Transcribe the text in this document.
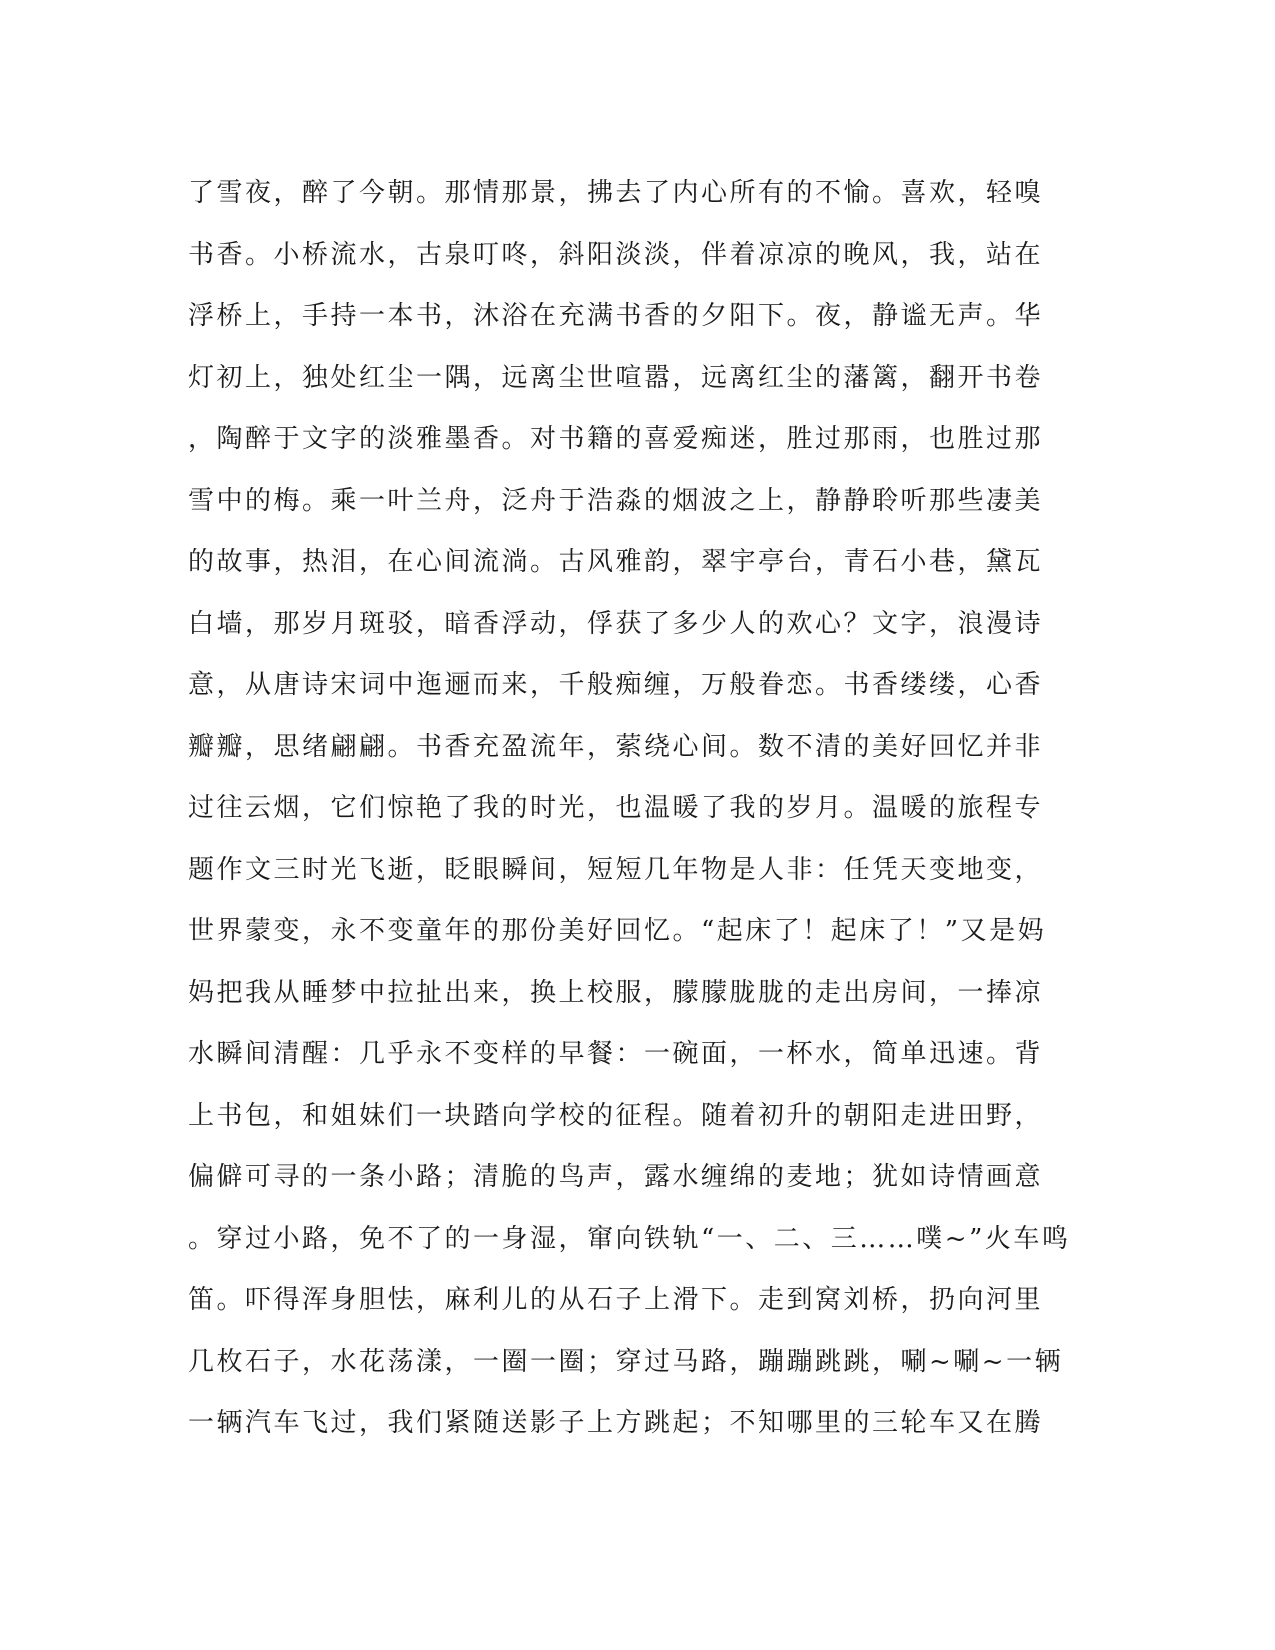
了雪夜，醉了今朝。那情那景，拂去了内心所有的不愉。喜欢，轻嗅
书香。小桥流水，古泉叮咚，斜阳淡淡，伴着凉凉的晚风，我，站在
浮桥上，手持一本书，沐浴在充满书香的夕阳下。夜，静谧无声。华
灯初上，独处红尘一隅，远离尘世喧嚣，远离红尘的藩篱，翻开书卷
，陶醉于文字的淡雅墨香。对书籍的喜爱痴迷，胜过那雨，也胜过那
雪中的梅。乘一叶兰舟，泛舟于浩淼的烟波之上，静静聆听那些凄美
的故事，热泪，在心间流淌。古风雅韵，翠宇亭台，青石小巷，黛瓦
白墙，那岁月斑驳，暗香浮动，俘获了多少人的欢心？文字，浪漫诗
意，从唐诗宋词中迤逦而来，千般痴缠，万般眷恋。书香缕缕，心香
瓣瓣，思绪翩翩。书香充盈流年，萦绕心间。数不清的美好回忆并非
过往云烟，它们惊艳了我的时光，也温暖了我的岁月。温暖的旅程专
题作文三时光飞逝，眨眼瞬间，短短几年物是人非：任凭天变地变，
世界蒙变，永不变童年的那份美好回忆。“起床了！起床了！”又是妈
妈把我从睡梦中拉扯出来，换上校服，朦朦胧胧的走出房间，一捧凉
水瞬间清醒：几乎永不变样的早餐：一碗面，一杯水，简单迅速。背
上书包，和姐妹们一块踏向学校的征程。随着初升的朝阳走进田野，
偏僻可寻的一条小路；清脆的鸟声，露水缠绵的麦地；犹如诗情画意
。穿过小路，免不了的一身湿，窜向铁轨“一、二、三……噗~”火车鸣
笛。吓得浑身胆怯，麻利儿的从石子上滑下。走到窝刘桥，扔向河里
几枚石子，水花荡漾，一圈一圈；穿过马路，蹦蹦跳跳，唰~唰~一辆
一辆汽车飞过，我们紧随送影子上方跳起；不知哪里的三轮车又在腾
